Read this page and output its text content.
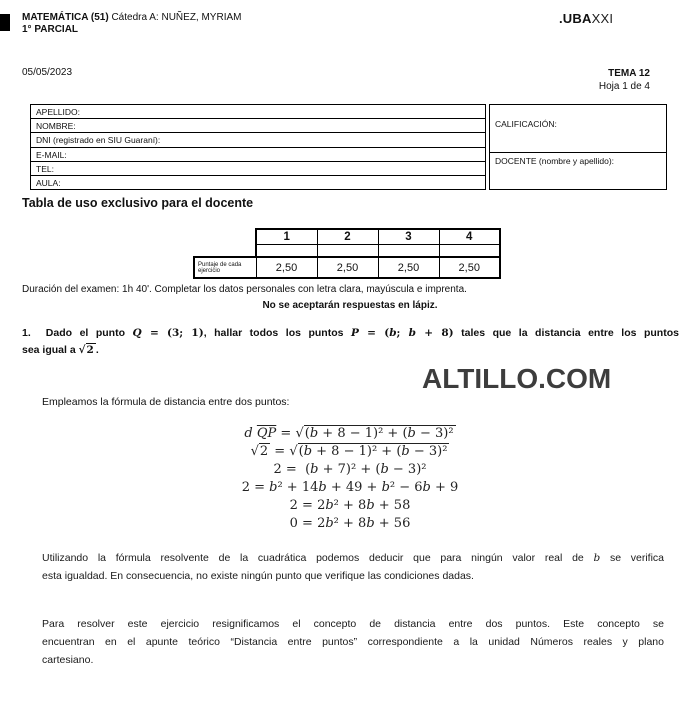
MATEMÁTICA (51) Cátedra A: NUÑEZ, MYRIAM
1° PARCIAL
.UBAXXI
05/05/2023	TEMA 12
Hoja 1 de 4
APELLIDO:
NOMBRE:
DNI (registrado en SIU Guaraní):
E-MAIL:
TEL:
AULA:
CALIFICACIÓN:
DOCENTE (nombre y apellido):
Tabla de uso exclusivo para el docente
	1	2	3	4

Puntaje de cada
ejercicio	2,50	2,50	2,50	2,50
Duración del examen: 1h 40'. Completar los datos personales con letra clara, mayúscula e imprenta.
No se aceptarán respuestas en lápiz.
1.  Dado el punto Q = (3; 1), hallar todos los puntos P = (b; b + 8) tales que la distancia entre los puntos
sea igual a √2 .
ALTILLO.COM
Empleamos la fórmula de distancia entre dos puntos:
d $\overline{QP} = √(b + 8 - 1)^2 + (b - 3)^2$
√2 = √(b + 8 − 1)² + (b − 3)²
2 =  (b + 7)² + (b − 3)²
2 = b² + 14b + 49 + b² − 6b + 9
2 = 2b² + 8b + 58
0 = 2b² + 8b + 56
Utilizando la fórmula resolvente de la cuadrática podemos deducir que para ningún valor real de b se verifica
esta igualdad. En consecuencia, no existe ningún punto que verifique las condiciones dadas.
Para resolver este ejercicio resignificamos el concepto de distancia entre dos puntos. Este concepto se
encuentran en el apunte teórico “Distancia entre puntos” correspondiente a la unidad Números reales y plano
cartesiano.
